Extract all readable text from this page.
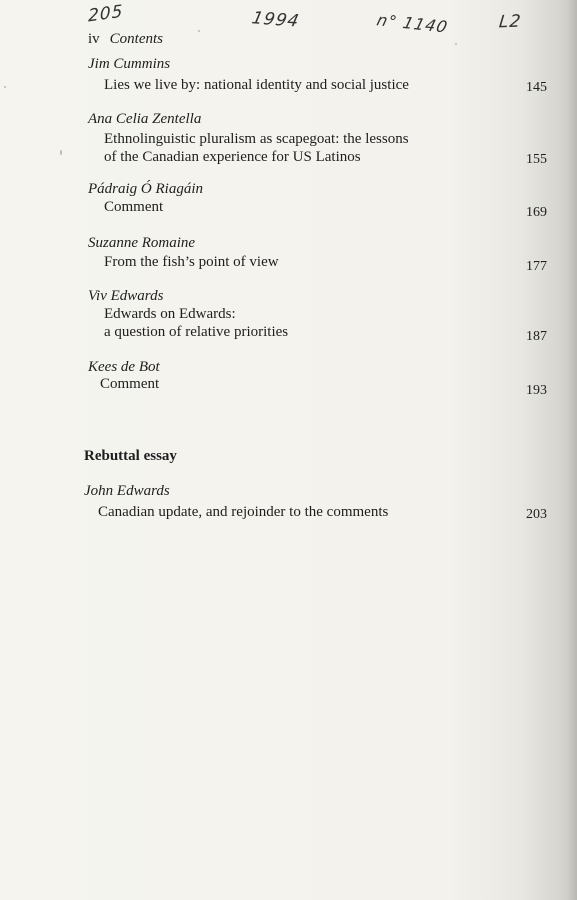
205	1994	n° 1140	L2
iv Contents
Jim Cummins
Lies we live by: national identity and social justice	145
Ana Celia Zentella
Ethnolinguistic pluralism as scapegoat: the lessons
of the Canadian experience for US Latinos	155
Pádraig Ó Riagáin
Comment	169
Suzanne Romaine
From the fish’s point of view	177
Viv Edwards
Edwards on Edwards:
a question of relative priorities	187
Kees de Bot
Comment	193
Rebuttal essay
John Edwards
Canadian update, and rejoinder to the comments	203
